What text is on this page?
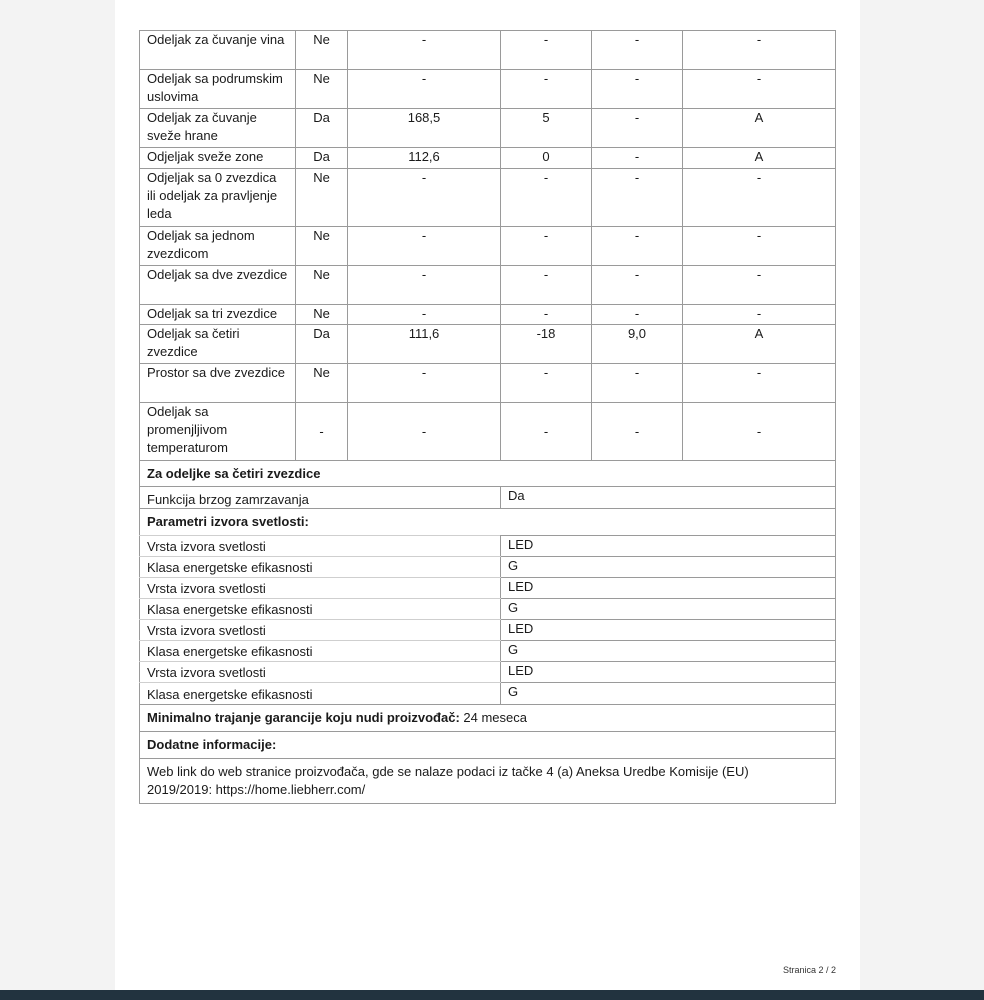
Odeljak za čuvanje vina	Ne	-	-	-	-
Odeljak sa podrumskim uslovima	Ne	-	-	-	-
Odeljak za čuvanje sveže hrane	Da	168,5	5	-	A
Odjeljak sveže zone	Da	112,6	0	-	A
Odjeljak sa 0 zvezdica ili odeljak za pravljenje leda	Ne	-	-	-	-
Odeljak sa jednom zvezdicom	Ne	-	-	-	-
Odeljak sa dve zvezdice	Ne	-	-	-	-
Odeljak sa tri zvezdice	Ne	-	-	-	-
Odeljak sa četiri zvezdice	Da	111,6	-18	9,0	A
Prostor sa dve zvezdice	Ne	-	-	-	-
Odeljak sa promenjljivom temperaturom	-	-	-	-	-
Za odeljke sa četiri zvezdice
Funkcija brzog zamrzavanja	Da
Parametri izvora svetlosti:
Vrsta izvora svetlosti	LED
Klasa energetske efikasnosti	G
Vrsta izvora svetlosti	LED
Klasa energetske efikasnosti	G
Vrsta izvora svetlosti	LED
Klasa energetske efikasnosti	G
Vrsta izvora svetlosti	LED
Klasa energetske efikasnosti	G
Minimalno trajanje garancije koju nudi proizvođač: 24 meseca
Dodatne informacije:

Web link do web stranice proizvođača, gde se nalaze podaci iz tačke 4 (a) Aneksa Uredbe Komisije (EU)
2019/2019: https://home.liebherr.com/
Stranica 2 / 2
